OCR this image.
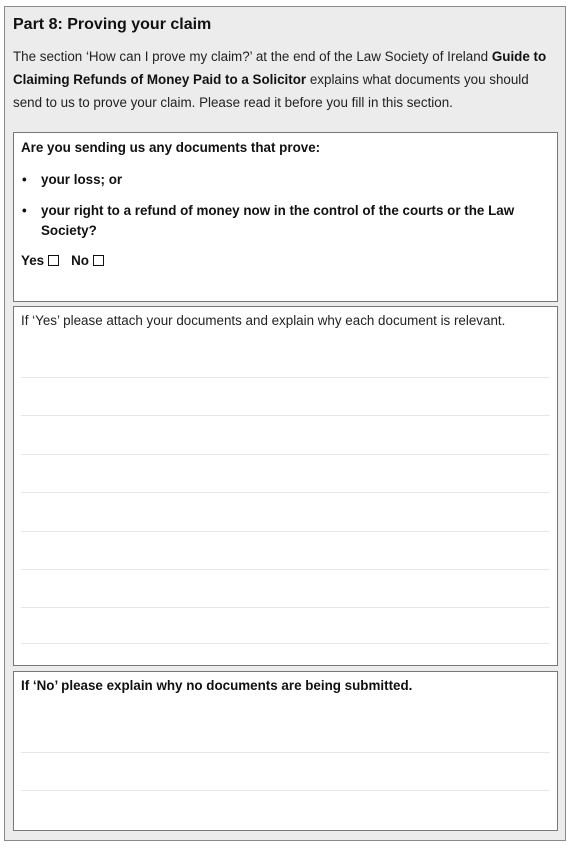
Part 8: Proving your claim

The section ‘How can I prove my claim?’ at the end of the Law Society of Ireland Guide to Claiming Refunds of Money Paid to a Solicitor explains what documents you should send to us to prove your claim. Please read it before you fill in this section.

Are you sending us any documents that prove:

• your loss; or
• your right to a refund of money now in the control of the courts or the Law Society?
Yes No

If ‘Yes’ please attach your documents and explain why each document is relevant.

If ‘No’ please explain why no documents are being submitted.
